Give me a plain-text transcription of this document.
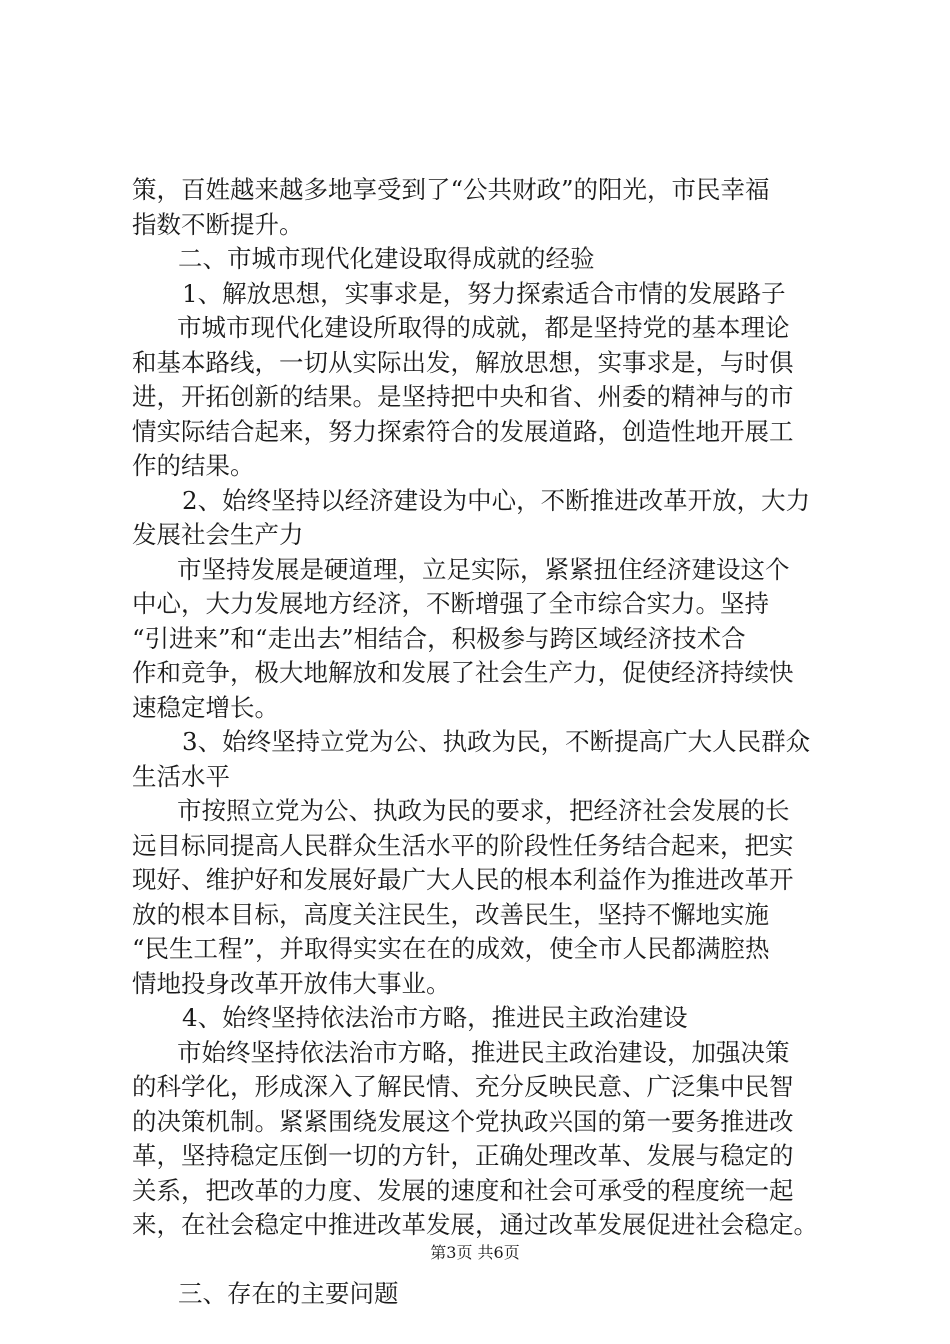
策，百姓越来越多地享受到了“公共财政”的阳光，市民幸福
指数不断提升。
二、市城市现代化建设取得成就的经验
1、解放思想，实事求是，努力探索适合市情的发展路子
市城市现代化建设所取得的成就，都是坚持党的基本理论
和基本路线，一切从实际出发，解放思想，实事求是，与时俱
进，开拓创新的结果。是坚持把中央和省、州委的精神与的市
情实际结合起来，努力探索符合的发展道路，创造性地开展工
作的结果。
2、始终坚持以经济建设为中心，不断推进改革开放，大力
发展社会生产力
市坚持发展是硬道理，立足实际，紧紧扭住经济建设这个
中心，大力发展地方经济，不断增强了全市综合实力。坚持
“引进来”和“走出去”相结合，积极参与跨区域经济技术合
作和竞争，极大地解放和发展了社会生产力，促使经济持续快
速稳定增长。
3、始终坚持立党为公、执政为民，不断提高广大人民群众
生活水平
市按照立党为公、执政为民的要求，把经济社会发展的长
远目标同提高人民群众生活水平的阶段性任务结合起来，把实
现好、维护好和发展好最广大人民的根本利益作为推进改革开
放的根本目标，高度关注民生，改善民生，坚持不懈地实施
“民生工程”，并取得实实在在的成效，使全市人民都满腔热
情地投身改革开放伟大事业。
4、始终坚持依法治市方略，推进民主政治建设
市始终坚持依法治市方略，推进民主政治建设，加强决策
的科学化，形成深入了解民情、充分反映民意、广泛集中民智
的决策机制。紧紧围绕发展这个党执政兴国的第一要务推进改
革，坚持稳定压倒一切的方针，正确处理改革、发展与稳定的
关系，把改革的力度、发展的速度和社会可承受的程度统一起
来，在社会稳定中推进改革发展，通过改革发展促进社会稳定。
三、存在的主要问题
第3页 共6页
